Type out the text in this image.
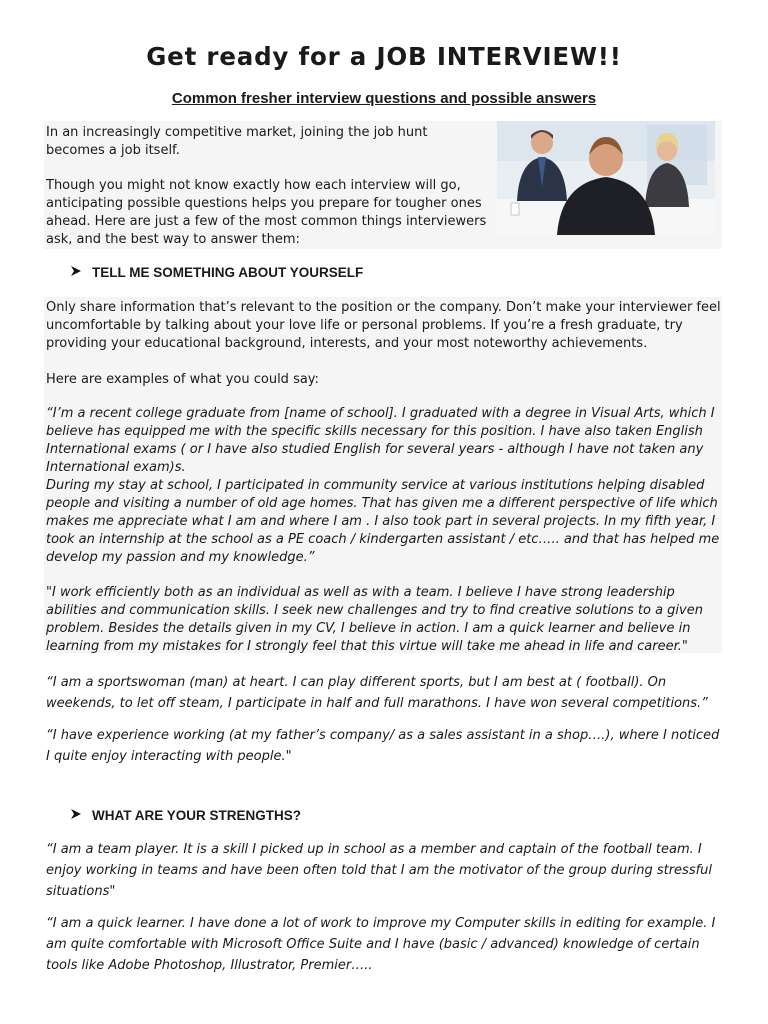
Get ready for a JOB INTERVIEW!!
Common fresher interview questions and possible answers

In an increasingly competitive market, joining the job hunt becomes a job itself.

Though you might not know exactly how each interview will go, anticipating possible questions helps you prepare for tougher ones ahead. Here are just a few of the most common things interviewers ask, and the best way to answer them:

TELL ME SOMETHING ABOUT YOURSELF

Only share information that’s relevant to the position or the company. Don’t make your interviewer feel uncomfortable by talking about your love life or personal problems. If you’re a fresh graduate, try providing your educational background, interests, and your most noteworthy achievements.

Here are examples of what you could say:

“I’m a recent college graduate from [name of school]. I graduated with a degree in Visual Arts, which I believe has equipped me with the specific skills necessary for this position. I have also taken English International exams ( or I have also studied English for several years - although I have not taken any International exam)s.

During my stay at school, I participated in community service at various institutions helping disabled people and visiting a number of old age homes. That has given me a different perspective of life which makes me appreciate what I am and where I am . I also took part in several projects. In my fifth year, I took an internship at the school as a PE coach / kindergarten assistant / etc….. and that has helped me develop my passion and my knowledge.”

"I work efficiently both as an individual as well as with a team. I believe I have strong leadership abilities and communication skills. I seek new challenges and try to find creative solutions to a given problem. Besides the details given in my CV, I believe in action. I am a quick learner and believe in learning from my mistakes for I strongly feel that this virtue will take me ahead in life and career."

“I am a sportswoman (man) at heart. I can play different sports, but I am best at ( football). On weekends, to let off steam, I participate in half and full marathons. I have won several competitions.”

“I have experience working (at my father’s company/ as a sales assistant in a shop….), where I noticed I quite enjoy interacting with people."

WHAT ARE YOUR STRENGTHS?

“I am a team player. It is a skill I picked up in school as a member and captain of the football team. I enjoy working in teams and have been often told that I am the motivator of the group during stressful situations"

“I am a quick learner. I have done a lot of work to improve my Computer skills in editing for example. I am quite comfortable with Microsoft Office Suite and I have (basic / advanced) knowledge of certain tools like Adobe Photoshop, Illustrator, Premier…..
